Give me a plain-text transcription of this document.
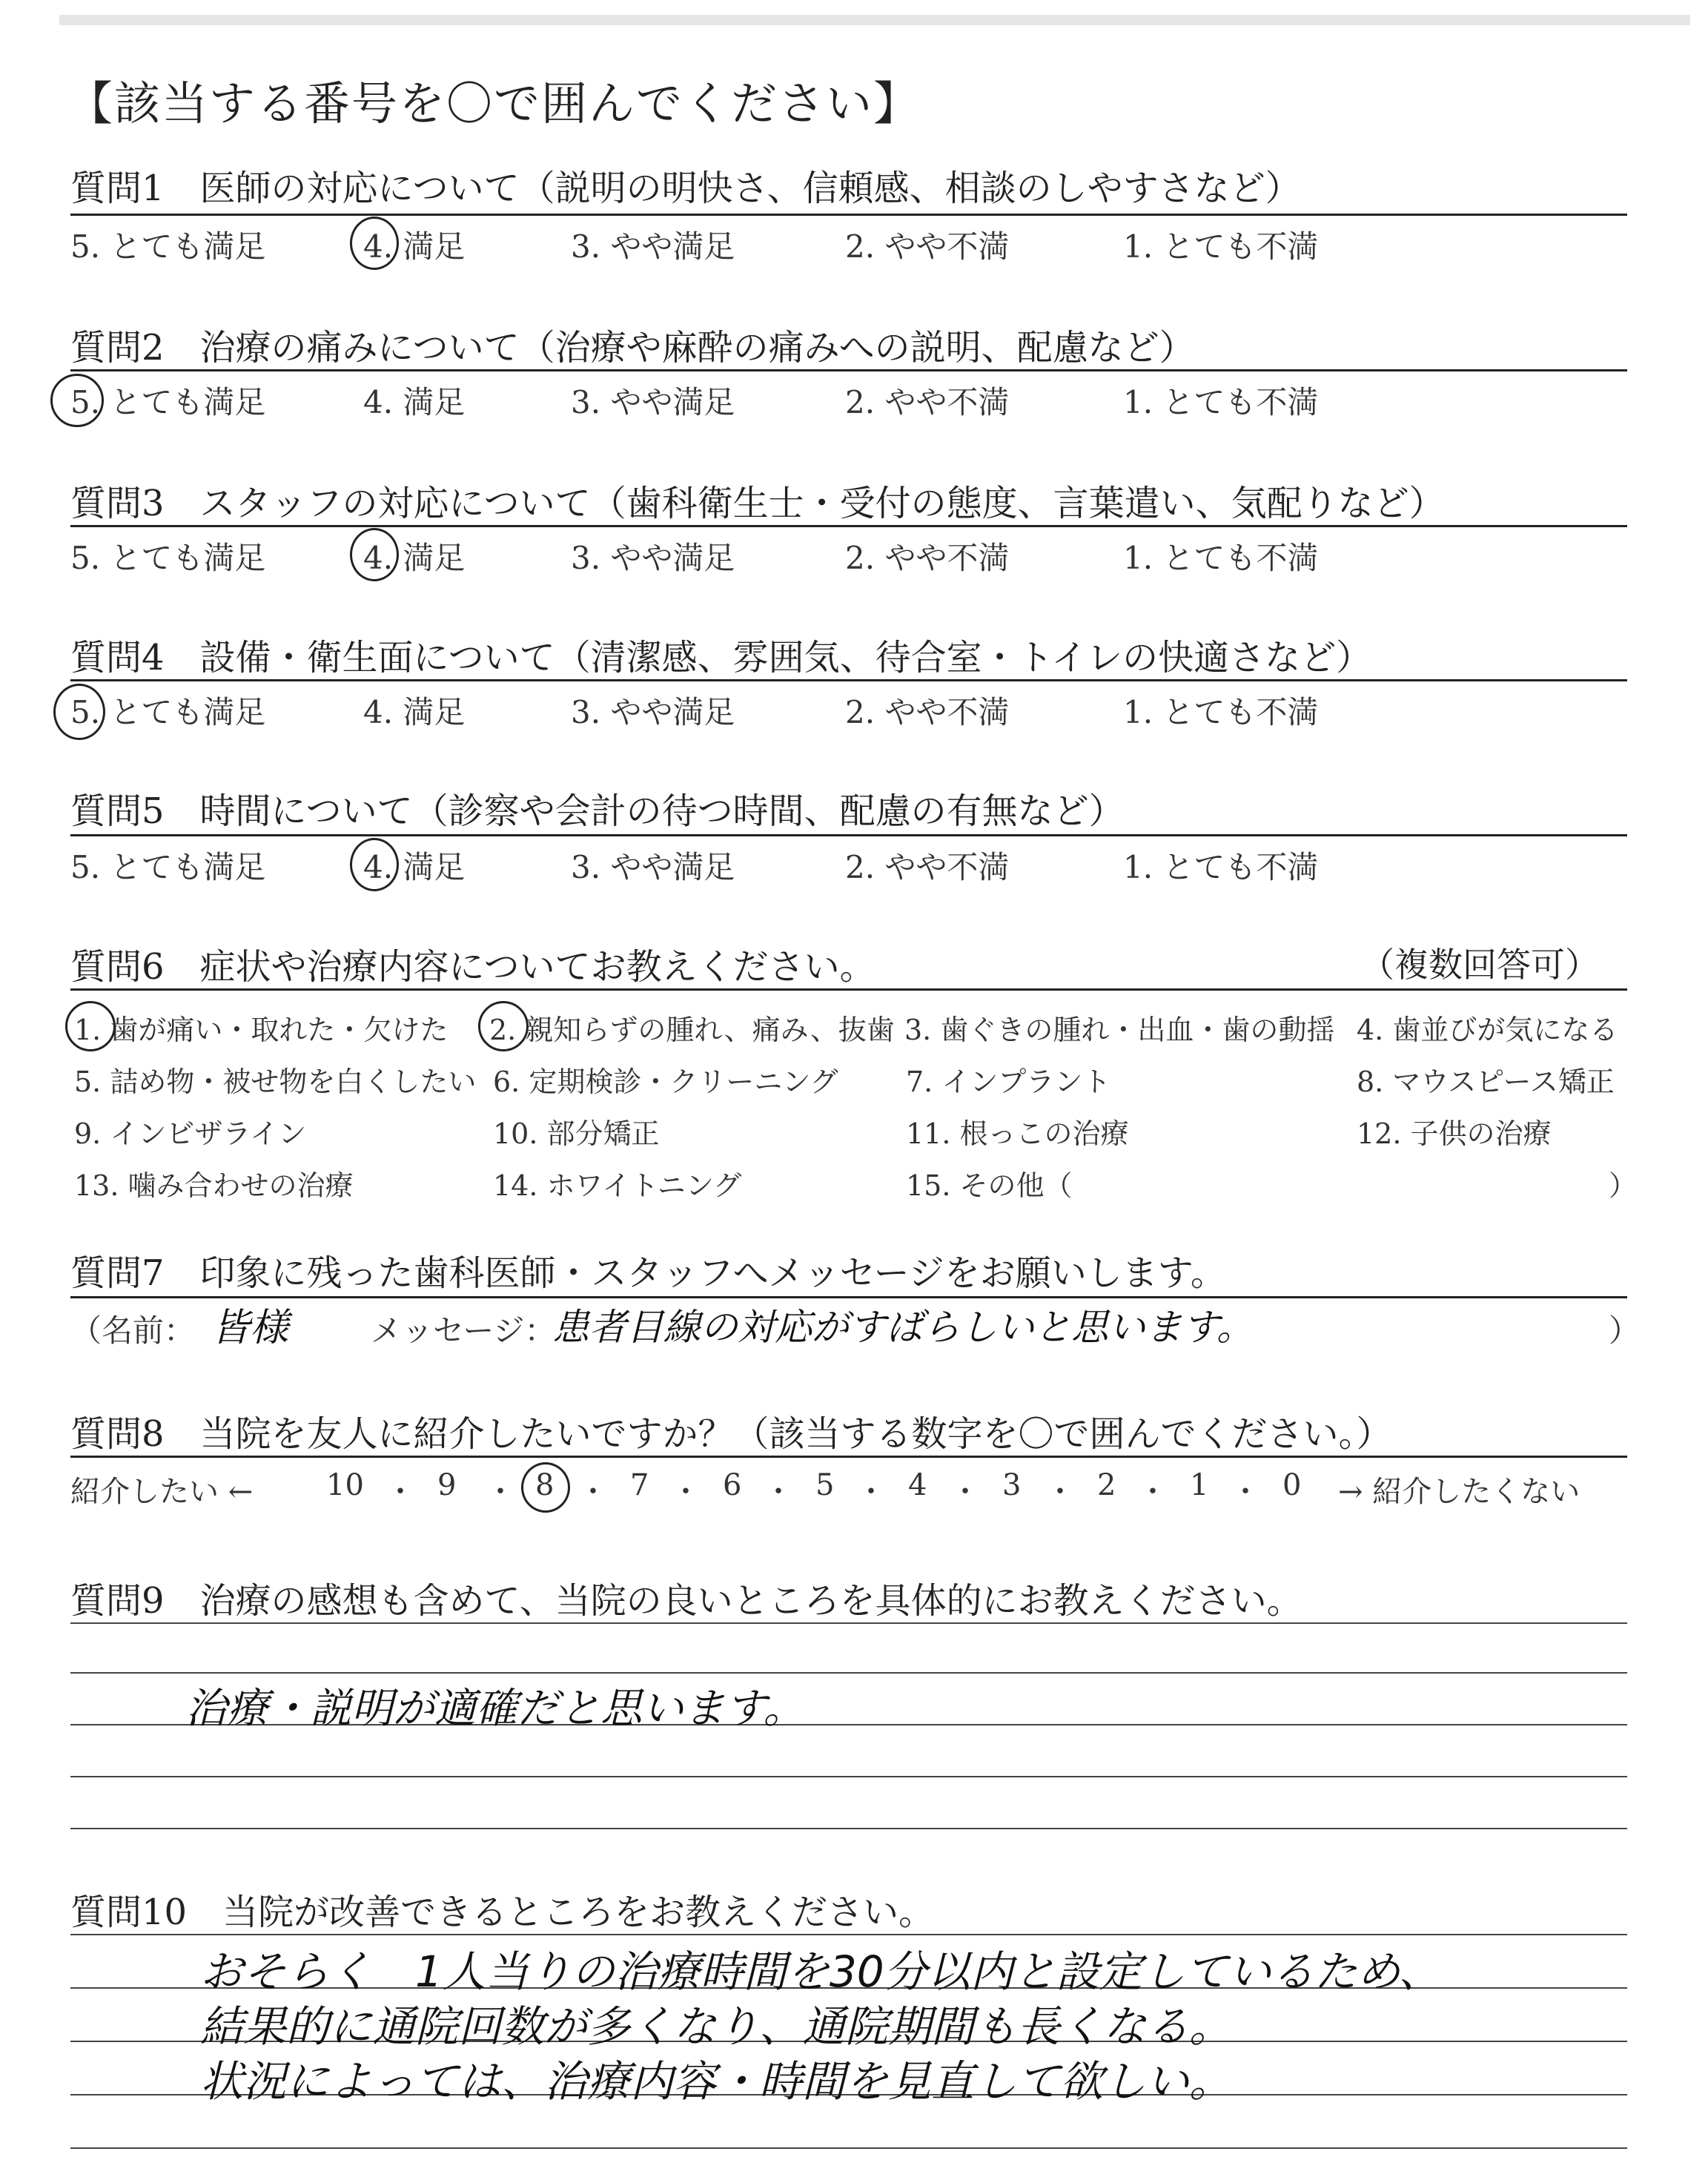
【該当する番号を〇で囲んでください】
質問1　医師の対応について（説明の明快さ、信頼感、相談のしやすさなど）
5. とても満足	4. 満足	3. やや満足	2. やや不満	1. とても不満
質問2　治療の痛みについて（治療や麻酔の痛みへの説明、配慮など）
5. とても満足	4. 満足	3. やや満足	2. やや不満	1. とても不満
質問3　スタッフの対応について（歯科衛生士・受付の態度、言葉遣い、気配りなど）
5. とても満足	4. 満足	3. やや満足	2. やや不満	1. とても不満
質問4　設備・衛生面について（清潔感、雰囲気、待合室・トイレの快適さなど）
5. とても満足	4. 満足	3. やや満足	2. やや不満	1. とても不満
質問5　時間について（診察や会計の待つ時間、配慮の有無など）
5. とても満足	4. 満足	3. やや満足	2. やや不満	1. とても不満
質問6　症状や治療内容についてお教えください。	（複数回答可）
1. 歯が痛い・取れた・欠けた 2. 親知らずの腫れ、痛み、抜歯 3. 歯ぐきの腫れ・出血・歯の動揺 4. 歯並びが気になる
5. 詰め物・被せ物を白くしたい 6. 定期検診・クリーニング 7. インプラント	8. マウスピース矯正
9. インビザライン	10. 部分矯正	11. 根っこの治療	12. 子供の治療
13. 噛み合わせの治療	14. ホワイトニング	15. その他（	）
質問7　印象に残った歯科医師・スタッフへメッセージをお願いします。
（名前： 皆様	メッセージ：
患者目線の対応がすばらしいと思います。	）
質問8　当院を友人に紹介したいですか？（該当する数字を〇で囲んでください。）
紹介したい ← 10 9	8	7 6 5 4	3	2 1 0 → 紹介したくない
・ ・ ・ ・ ・ ・ ・ ・ ・ ・
質問9　治療の感想も含めて、当院の良いところを具体的にお教えください。
治療・説明が適確だと思います。
質問10　当院が改善できるところをお教えください。
おそらく　1人当りの治療時間を30分以内と設定しているため、
結果的に通院回数が多くなり、通院期間も長くなる。
状況によっては、治療内容・時間を見直して欲しい。
